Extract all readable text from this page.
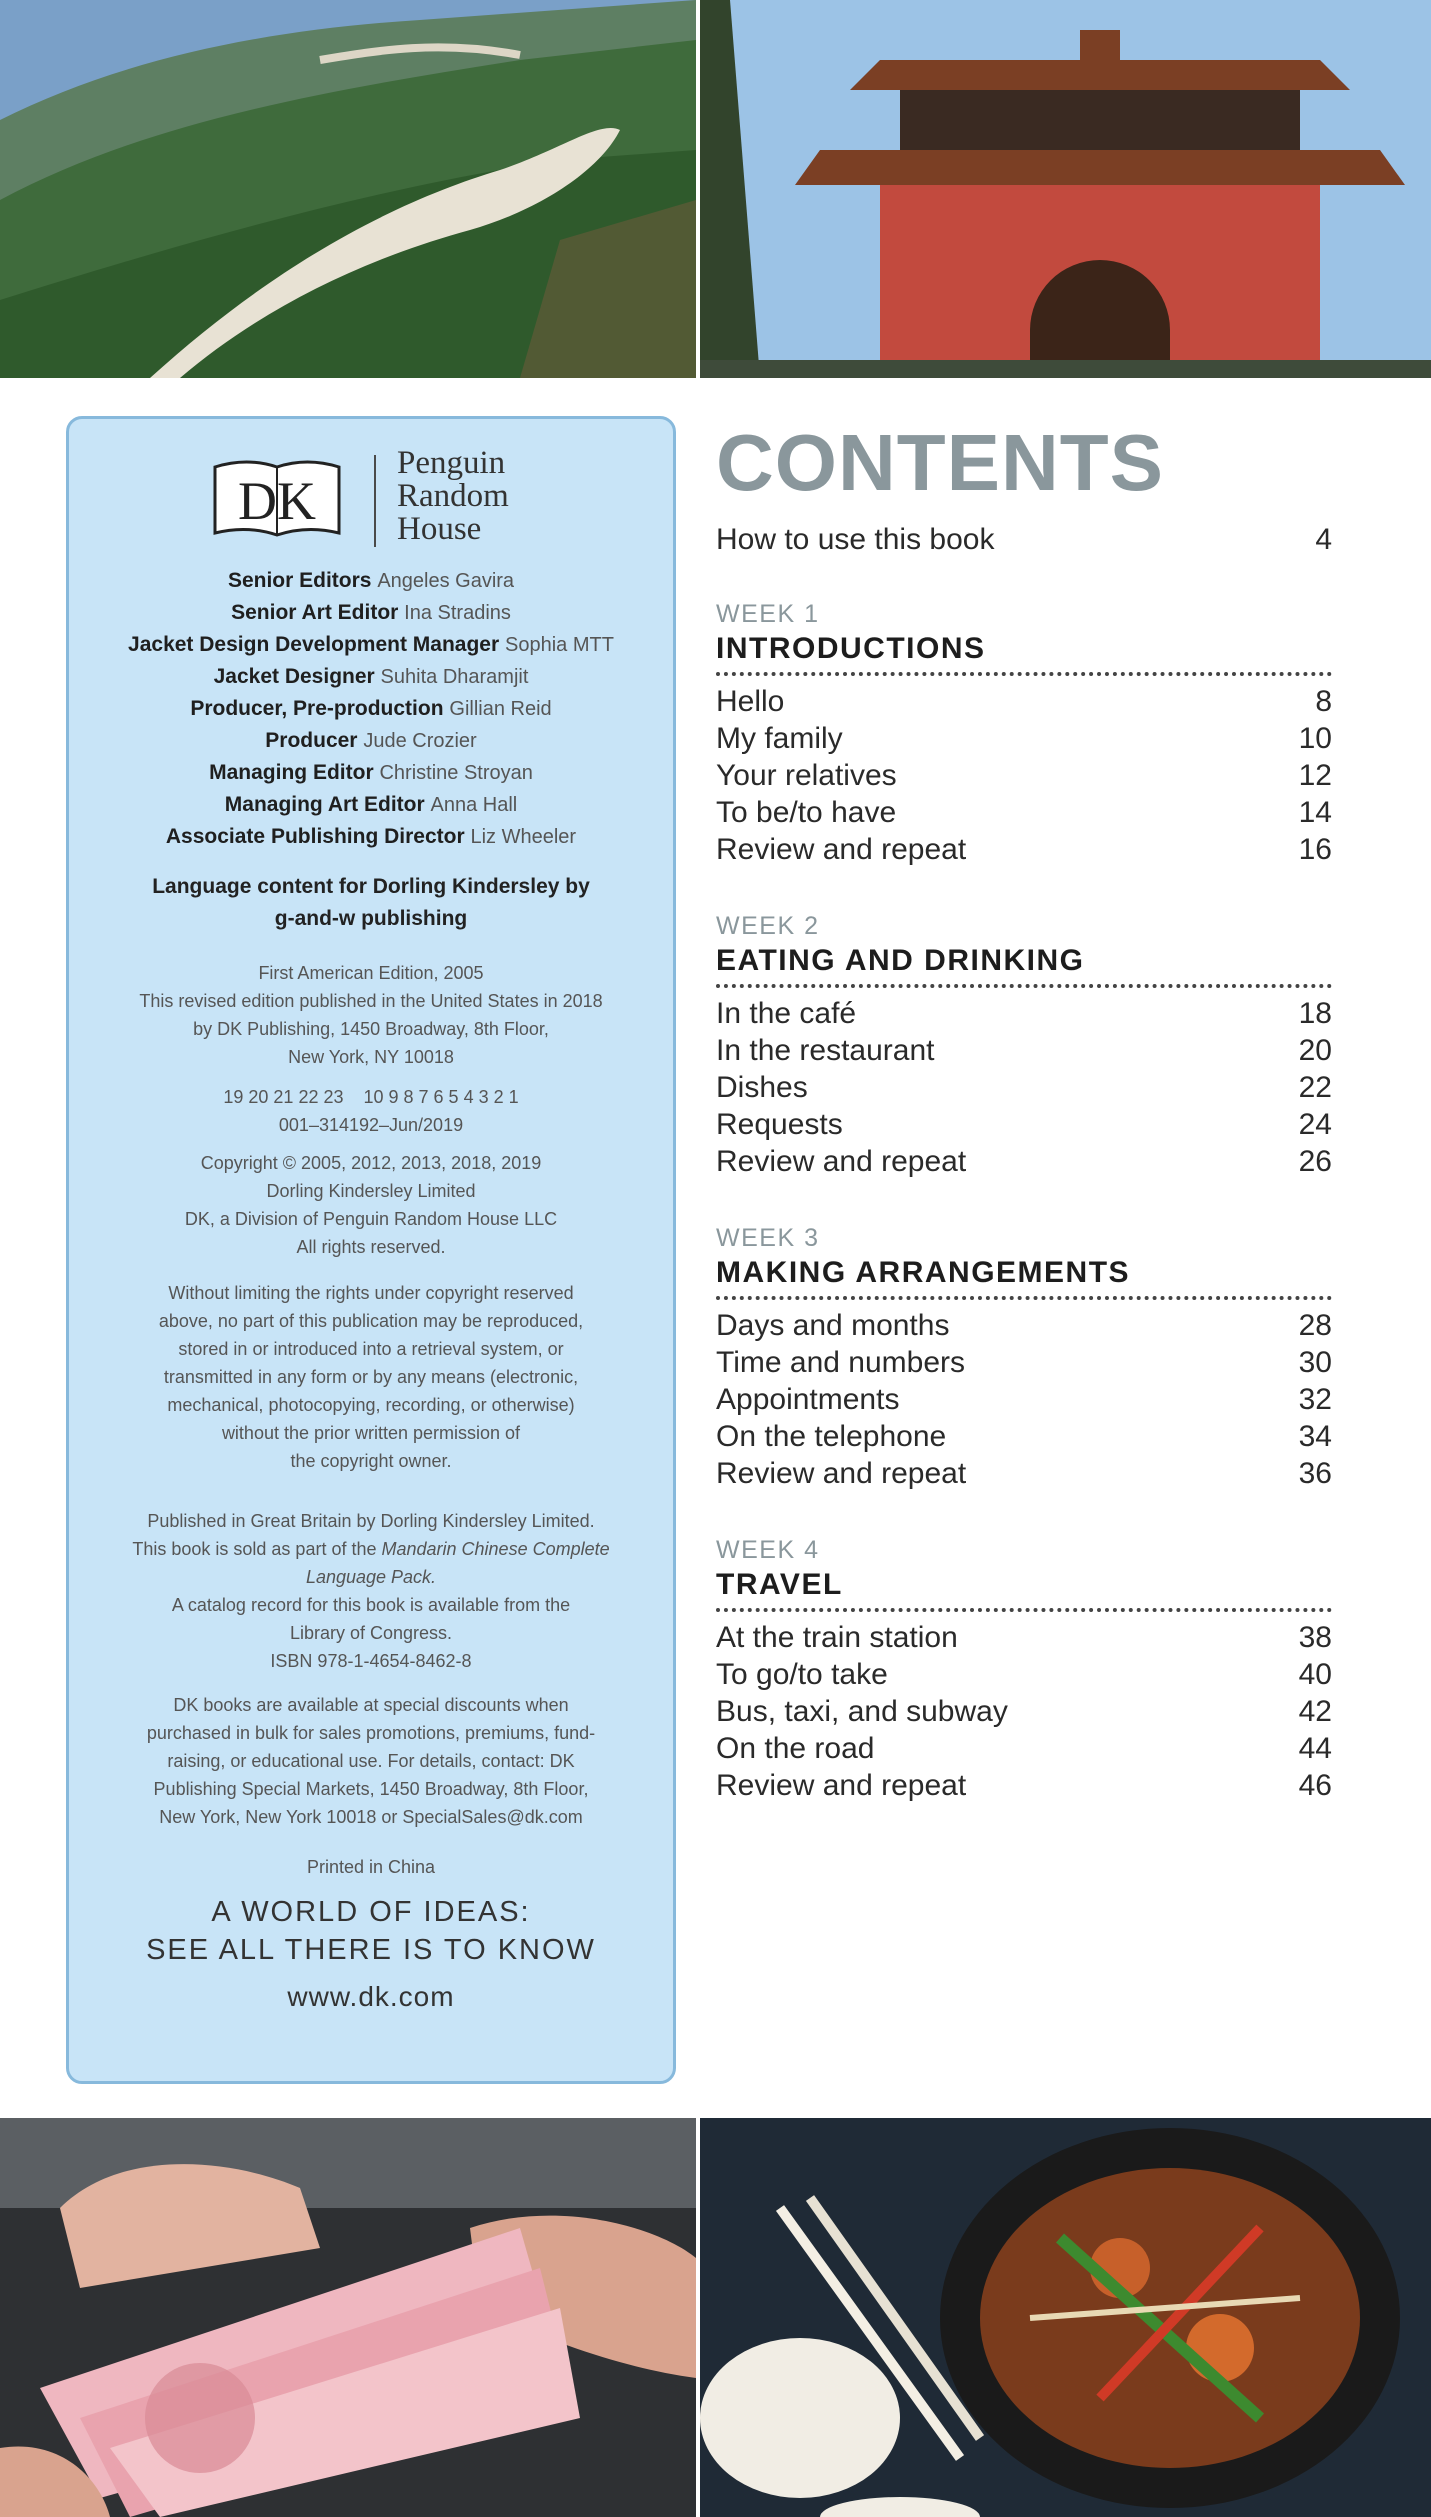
DK
Penguin
Random
House
Senior Editors Angeles Gavira
Senior Art Editor Ina Stradins
Jacket Design Development Manager Sophia MTT
Jacket Designer Suhita Dharamjit
Producer, Pre-production Gillian Reid
Producer Jude Crozier
Managing Editor Christine Stroyan
Managing Art Editor Anna Hall
Associate Publishing Director Liz Wheeler
Language content for Dorling Kindersley by
g-and-w publishing
First American Edition, 2005
This revised edition published in the United States in 2018
by DK Publishing, 1450 Broadway, 8th Floor,
New York, NY 10018
19 20 21 22 23    10 9 8 7 6 5 4 3 2 1
001–314192–Jun/2019
Copyright © 2005, 2012, 2013, 2018, 2019
Dorling Kindersley Limited
DK, a Division of Penguin Random House LLC
All rights reserved.
Without limiting the rights under copyright reserved
above, no part of this publication may be reproduced,
stored in or introduced into a retrieval system, or
transmitted in any form or by any means (electronic,
mechanical, photocopying, recording, or otherwise)
without the prior written permission of
the copyright owner.
Published in Great Britain by Dorling Kindersley Limited.
This book is sold as part of the Mandarin Chinese Complete
Language Pack.
A catalog record for this book is available from the
Library of Congress.
ISBN 978-1-4654-8462-8
DK books are available at special discounts when
purchased in bulk for sales promotions, premiums, fund-
raising, or educational use. For details, contact: DK
Publishing Special Markets, 1450 Broadway, 8th Floor,
New York, New York 10018 or SpecialSales@dk.com
Printed in China
A WORLD OF IDEAS:
SEE ALL THERE IS TO KNOW
www.dk.com
CONTENTS
How to use this book	4
WEEK 1
INTRODUCTIONS
Hello	8
My family	10
Your relatives	12
To be/to have	14
Review and repeat	16
WEEK 2
EATING AND DRINKING
In the café	18
In the restaurant	20
Dishes	22
Requests	24
Review and repeat	26
WEEK 3
MAKING ARRANGEMENTS
Days and months	28
Time and numbers	30
Appointments	32
On the telephone	34
Review and repeat	36
WEEK 4
TRAVEL
At the train station	38
To go/to take	40
Bus, taxi, and subway	42
On the road	44
Review and repeat	46
